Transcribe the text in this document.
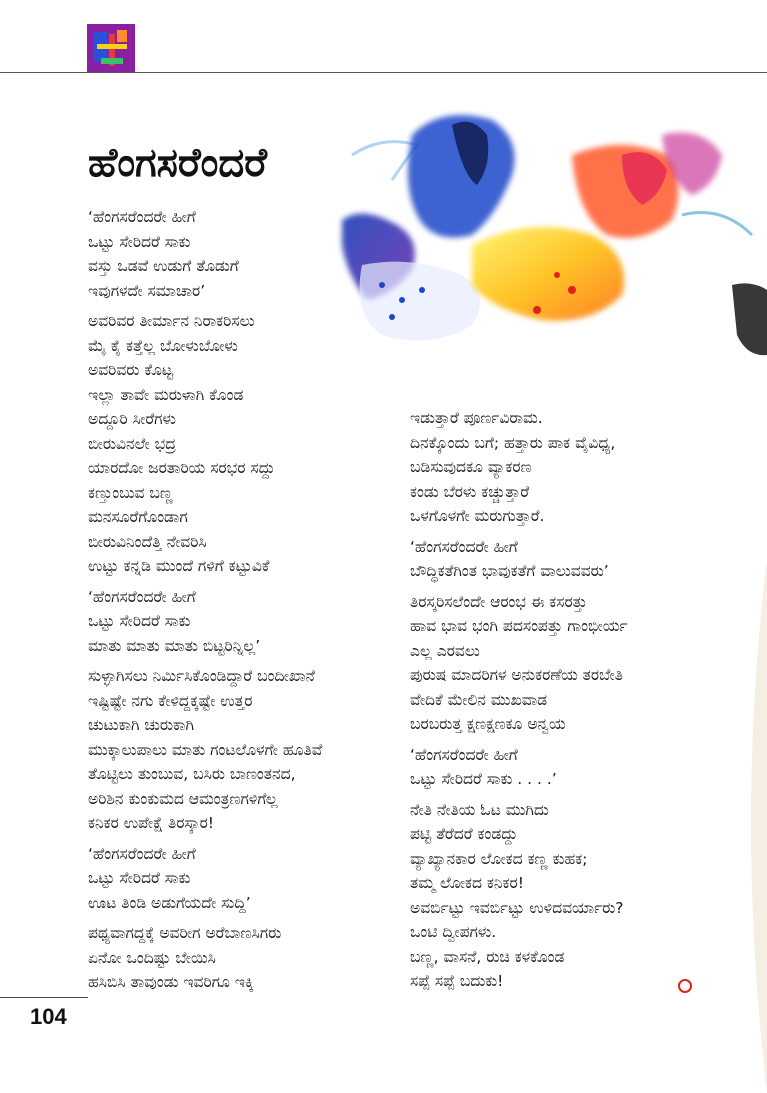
ಹೆಂಗಸರೆಂದರೆ
‘ಹೆಂಗಸರೆಂದರೇ ಹೀಗೆ
ಒಟ್ಟು ಸೇರಿದರೆ ಸಾಕು
ವಸ್ತು ಒಡವೆ ಉಡುಗೆ ತೊಡುಗೆ
ಇವುಗಳದೇ ಸಮಾಚಾರ’
ಅವರಿವರ ತೀರ್ಮಾನ ನಿರಾಕರಿಸಲು
ಮೈ ಕೈ ಕತ್ತೆಲ್ಲ ಬೋಳುಬೋಳು
ಅವರಿವರು ಕೊಟ್ಟ
ಇಲ್ಲಾ ತಾವೇ ಮರುಳಾಗಿ ಕೊಂಡ
ಅದ್ದೂರಿ ಸೀರೆಗಳು
ಬೀರುವಿನಲೇ ಭದ್ರ
ಯಾರದೋ ಜರತಾರಿಯ ಸರಭರ ಸದ್ದು
ಕಣ್ತುಂಬುವ ಬಣ್ಣ
ಮನಸೂರೆಗೊಂಡಾಗ
ಬೀರುವಿನಿಂದೆತ್ತಿ ನೇವರಿಸಿ
ಉಟ್ಟು ಕನ್ನಡಿ ಮುಂದೆ ಗಳಿಗೆ ಕಟ್ಟುವಿಕೆ
‘ಹೆಂಗಸರೆಂದರೇ ಹೀಗೆ
ಒಟ್ಟು ಸೇರಿದರೆ ಸಾಕು
ಮಾತು ಮಾತು ಮಾತು ಬಿಟ್ಟರಿನ್ನಿಲ್ಲ’
ಸುಳ್ಳಾಗಿಸಲು ನಿರ್ಮಿಸಿಕೊಂಡಿದ್ದಾರೆ ಬಂದೀಖಾನೆ
ಇಷ್ಟಿಷ್ಟೇ ನಗು ಕೇಳಿದ್ದಕ್ಕಷ್ಟೇ ಉತ್ತರ
ಚುಟುಕಾಗಿ ಚುರುಕಾಗಿ
ಮುಕ್ಕಾಲುಪಾಲು ಮಾತು ಗಂಟಲೊಳಗೇ ಹೂತಿವೆ
ತೊಟ್ಟಿಲು ತುಂಬುವ, ಬಸಿರು ಬಾಣಂತನದ,
ಅರಿಶಿನ ಕುಂಕುಮದ ಆಮಂತ್ರಣಗಳಿಗೆಲ್ಲ
ಕನಿಕರ ಉಪೇಕ್ಷೆ ತಿರಸ್ಕಾರ!
‘ಹೆಂಗಸರೆಂದರೇ ಹೀಗೆ
ಒಟ್ಟು ಸೇರಿದರೆ ಸಾಕು
ಊಟ ತಿಂಡಿ ಅಡುಗೆಯದೇ ಸುದ್ದಿ’
ಪಥ್ಯವಾಗದ್ದಕ್ಕೆ ಅವರೀಗ ಅರೆಬಾಣಸಿಗರು
ಏನೋ ಒಂದಿಷ್ಟು ಬೇಯಿಸಿ
ಹಸಿಬಿಸಿ ತಾವುಂಡು ಇವರಿಗೂ ಇಕ್ಕಿ
ಇಡುತ್ತಾರೆ ಪೂರ್ಣವಿರಾಮ.
ದಿನಕ್ಕೊಂದು ಬಗೆ; ಹತ್ತಾರು ಪಾಕ ವೈವಿಧ್ಯ,
ಬಡಿಸುವುದಕೂ ವ್ಯಾಕರಣ
ಕಂಡು ಬೆರಳು ಕಚ್ಚುತ್ತಾರೆ
ಒಳಗೊಳಗೇ ಮರುಗುತ್ತಾರೆ.
‘ಹೆಂಗಸರೆಂದರೇ ಹೀಗೆ
ಬೌದ್ಧಿಕತೆಗಿಂತ ಭಾವುಕತೆಗೆ ವಾಲುವವರು’
ತಿರಸ್ಕರಿಸಲೆಂದೇ ಆರಂಭ ಈ ಕಸರತ್ತು
ಹಾವ ಭಾವ ಭಂಗಿ ಪದಸಂಪತ್ತು ಗಾಂಭೀರ್ಯ
ಎಲ್ಲ ಎರವಲು
ಪುರುಷ ಮಾದರಿಗಳ ಅನುಕರಣೆಯ ತರಬೇತಿ
ವೇದಿಕೆ ಮೇಲಿನ ಮುಖವಾಡ
ಬರಬರುತ್ತ ಕ್ಷಣಕ್ಷಣಕೂ ಅನ್ವಯ
‘ಹೆಂಗಸರೆಂದರೇ ಹೀಗೆ
ಒಟ್ಟು ಸೇರಿದರೆ ಸಾಕು . . . .’
ನೇತಿ ನೇತಿಯ ಓಟ ಮುಗಿದು
ಪಟ್ಟಿ ತೆರೆದರೆ ಕಂಡದ್ದು
ವ್ಯಾಖ್ಯಾನಕಾರ ಲೋಕದ ಕಣ್ಣ ಕುಹಕ;
ತಮ್ಮ ಲೋಕದ ಕನಿಕರ!
ಅವರ್ಬಿಟ್ಟು ಇವರ್ಬಿಟ್ಟು ಉಳಿದವರ್ಯಾರು?
ಒಂಟಿ ದ್ವೀಪಗಳು.
ಬಣ್ಣ, ವಾಸನೆ, ರುಚಿ ಕಳಕೊಂಡ
ಸಪ್ಪೆ ಸಪ್ಪೆ ಬದುಕು!
104
